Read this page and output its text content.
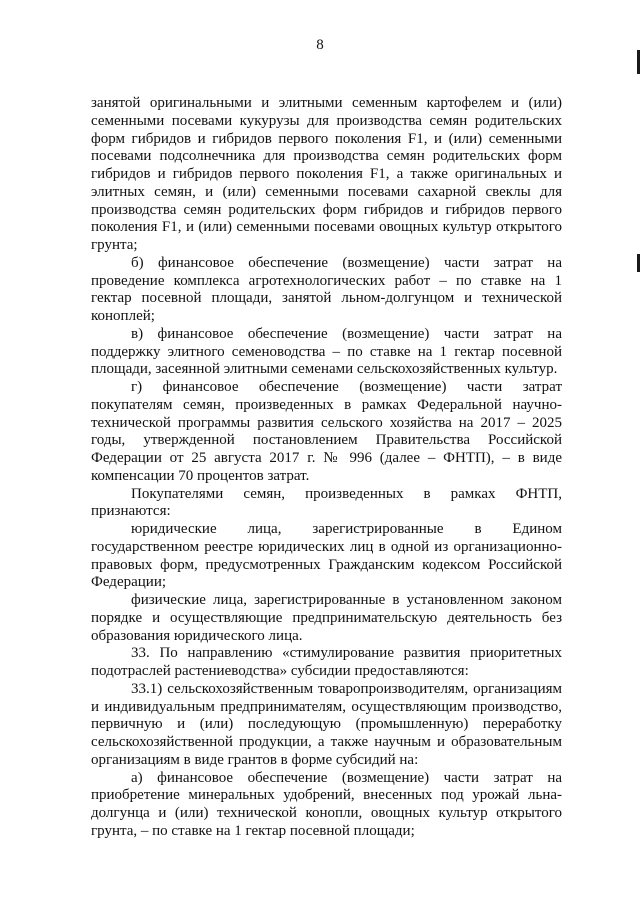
8

занятой оригинальными и элитными семенным картофелем и (или) семенными посевами кукурузы для производства семян родительских форм гибридов и гибридов первого поколения F1, и (или) семенными посевами подсолнечника для производства семян родительских форм гибридов и гибридов первого поколения F1, а также оригинальных и элитных семян, и (или) семенными посевами сахарной свеклы для производства семян родительских форм гибридов и гибридов первого поколения F1, и (или) семенными посевами овощных культур открытого грунта;

б) финансовое обеспечение (возмещение) части затрат на проведение комплекса агротехнологических работ – по ставке на 1 гектар посевной площади, занятой льном-долгунцом и технической коноплей;

в) финансовое обеспечение (возмещение) части затрат на поддержку элитного семеноводства – по ставке на 1 гектар посевной площади, засеянной элитными семенами сельскохозяйственных культур.

г) финансовое обеспечение (возмещение) части затрат покупателям семян, произведенных в рамках Федеральной научно-технической программы развития сельского хозяйства на 2017 – 2025 годы, утвержденной постановлением Правительства Российской Федерации от 25 августа 2017 г. № 996 (далее – ФНТП), – в виде компенсации 70 процентов затрат.

Покупателями семян, произведенных в рамках ФНТП, признаются:

юридические лица, зарегистрированные в Едином государственном реестре юридических лиц в одной из организационно-правовых форм, предусмотренных Гражданским кодексом Российской Федерации;

физические лица, зарегистрированные в установленном законом порядке и осуществляющие предпринимательскую деятельность без образования юридического лица.

33. По направлению «стимулирование развития приоритетных подотраслей растениеводства» субсидии предоставляются:

33.1) сельскохозяйственным товаропроизводителям, организациям и индивидуальным предпринимателям, осуществляющим производство, первичную и (или) последующую (промышленную) переработку сельскохозяйственной продукции, а также научным и образовательным организациям в виде грантов в форме субсидий на:

а) финансовое обеспечение (возмещение) части затрат на приобретение минеральных удобрений, внесенных под урожай льна-долгунца и (или) технической конопли, овощных культур открытого грунта, – по ставке на 1 гектар посевной площади;
